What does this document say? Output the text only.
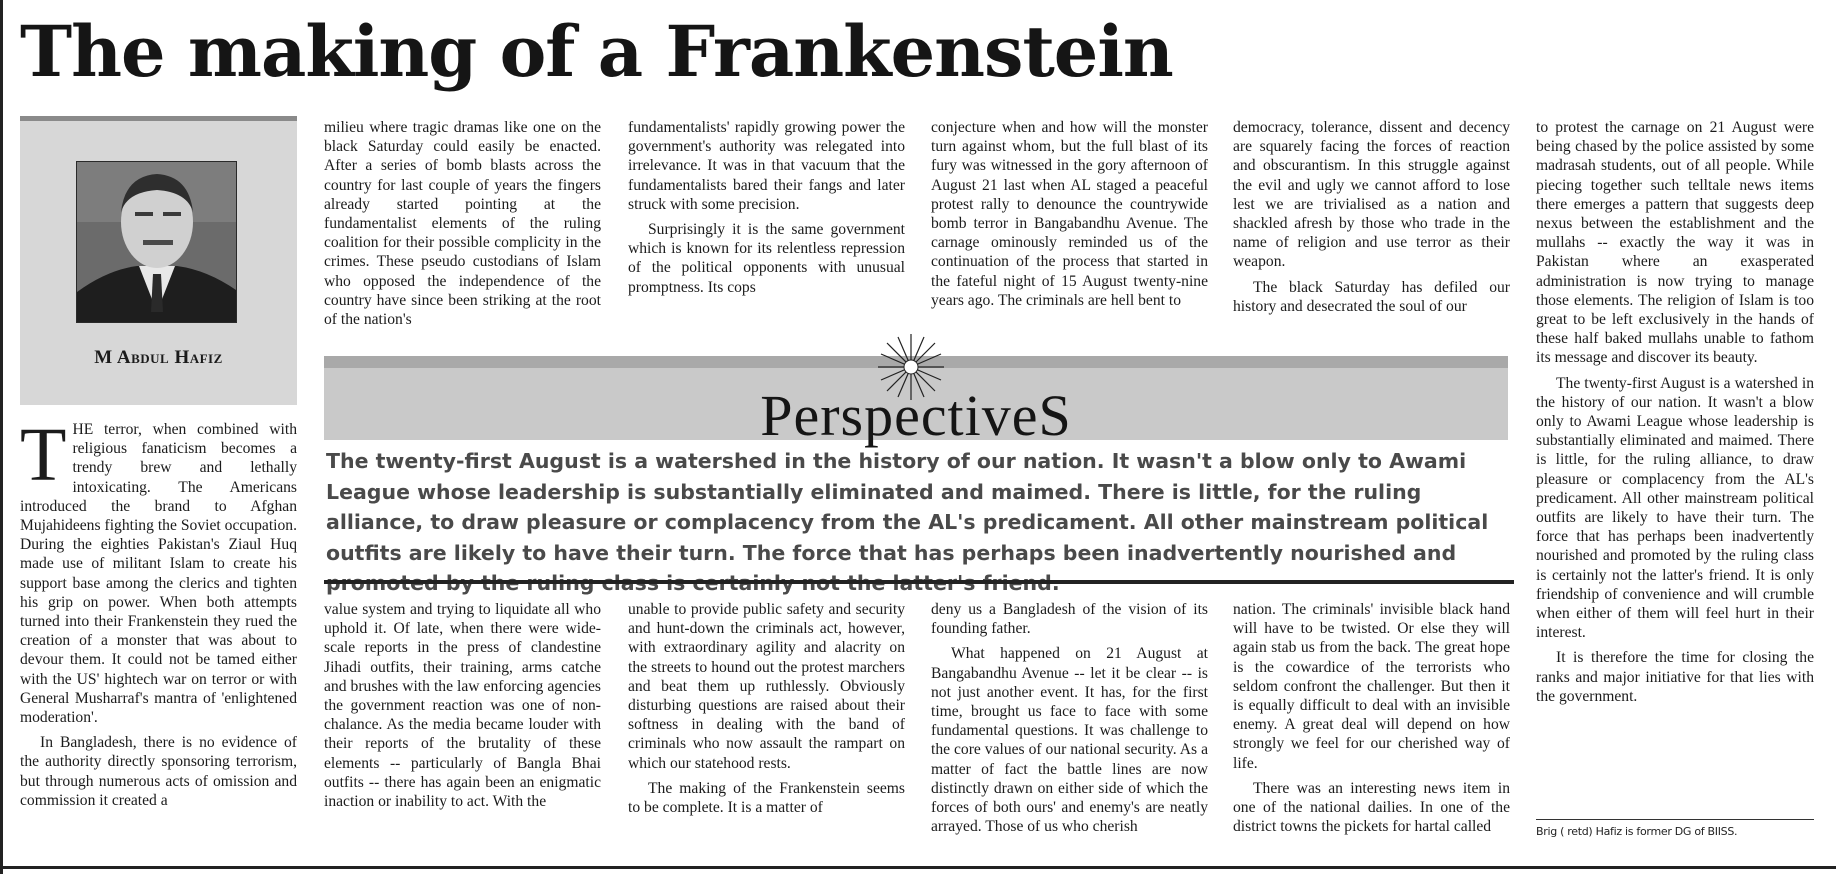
The making of a Frankenstein
M Abdul Hafiz

THE terror, when combined with religious fanaticism becomes a trendy brew and lethally intoxicating. The Americans introduced the brand to Afghan Mujahideens fighting the Soviet occupation. During the eighties Pakistan's Ziaul Huq made use of militant Islam to create his support base among the clerics and tighten his grip on power. When both attempts turned into their Frankenstein they rued the creation of a monster that was about to devour them. It could not be tamed either with the US' hightech war on terror or with General Musharraf's mantra of 'enlightened moderation'.

In Bangladesh, there is no evidence of the authority directly sponsoring terrorism, but through numerous acts of omission and commission it created a

milieu where tragic dramas like one on the black Saturday could easily be enacted. After a series of bomb blasts across the country for last couple of years the fingers already started pointing at the fundamentalist elements of the ruling coalition for their possible complicity in the crimes. These pseudo custodians of Islam who opposed the independence of the country have since been striking at the root of the nation's

fundamentalists' rapidly growing power the government's authority was relegated into irrelevance. It was in that vacuum that the fundamentalists bared their fangs and later struck with some precision.

Surprisingly it is the same government which is known for its relentless repression of the political opponents with unusual promptness. Its cops

conjecture when and how will the monster turn against whom, but the full blast of its fury was witnessed in the gory afternoon of August 21 last when AL staged a peaceful protest rally to denounce the countrywide bomb terror in Bangabandhu Avenue. The carnage ominously reminded us of the continuation of the process that started in the fateful night of 15 August twenty-nine years ago. The criminals are hell bent to

democracy, tolerance, dissent and decency are squarely facing the forces of reaction and obscurantism. In this struggle against the evil and ugly we cannot afford to lose lest we are trivialised as a nation and shackled afresh by those who trade in the name of religion and use terror as their weapon.

The black Saturday has defiled our history and desecrated the soul of our

PerspectiveS

The twenty-first August is a watershed in the history of our nation. It wasn't a blow only to Awami League whose leadership is substantially eliminated and maimed. There is little, for the ruling alliance, to draw pleasure or complacency from the AL's predicament. All other mainstream political outfits are likely to have their turn. The force that has perhaps been inadvertently nourished and

value system and trying to liquidate all who uphold it. Of late, when there were wide-scale reports in the press of clandestine Jihadi outfits, their training, arms catche and brushes with the law enforcing agencies the government reaction was one of non-chalance. As the media became louder with their reports of the brutality of these elements -- particularly of Bangla Bhai outfits -- there has again been an enigmatic inaction or inability to act. With the

unable to provide public safety and security and hunt-down the criminals act, however, with extraordinary agility and alacrity on the streets to hound out the protest marchers and beat them up ruthlessly. Obviously disturbing questions are raised about their softness in dealing with the band of criminals who now assault the rampart on which our statehood rests.

The making of the Frankenstein seems to be complete. It is a matter of

deny us a Bangladesh of the vision of its founding father.

What happened on 21 August at Bangabandhu Avenue -- let it be clear -- is not just another event. It has, for the first time, brought us face to face with some fundamental questions. It was challenge to the core values of our national security. As a matter of fact the battle lines are now distinctly drawn on either side of which the forces of both ours' and enemy's are neatly arrayed. Those of us who cherish

nation. The criminals' invisible black hand will have to be twisted. Or else they will again stab us from the back. The great hope is the cowardice of the terrorists who seldom confront the challenger. But then it is equally difficult to deal with an invisible enemy. A great deal will depend on how strongly we feel for our cherished way of life.

There was an interesting news item in one of the national dailies. In one of the district towns the pickets for hartal called

to protest the carnage on 21 August were being chased by the police assisted by some madrasah students, out of all people. While piecing together such telltale news items there emerges a pattern that suggests deep nexus between the establishment and the mullahs -- exactly the way it was in Pakistan where an exasperated administration is now trying to manage those elements. The religion of Islam is too great to be left exclusively in the hands of these half baked mullahs unable to fathom its message and discover its beauty.

The twenty-first August is a watershed in the history of our nation. It wasn't a blow only to Awami League whose leadership is substantially eliminated and maimed. There is little, for the ruling alliance, to draw pleasure or complacency from the AL's predicament. All other mainstream political outfits are likely to have their turn. The force that has perhaps been inadvertently nourished and promoted by the ruling class is certainly not the latter's friend. It is only friendship of convenience and will crumble when either of them will feel hurt in their interest.

It is therefore the time for closing the ranks and major initiative for that lies with the government.

Brig ( retd) Hafiz is former DG of BIISS.
